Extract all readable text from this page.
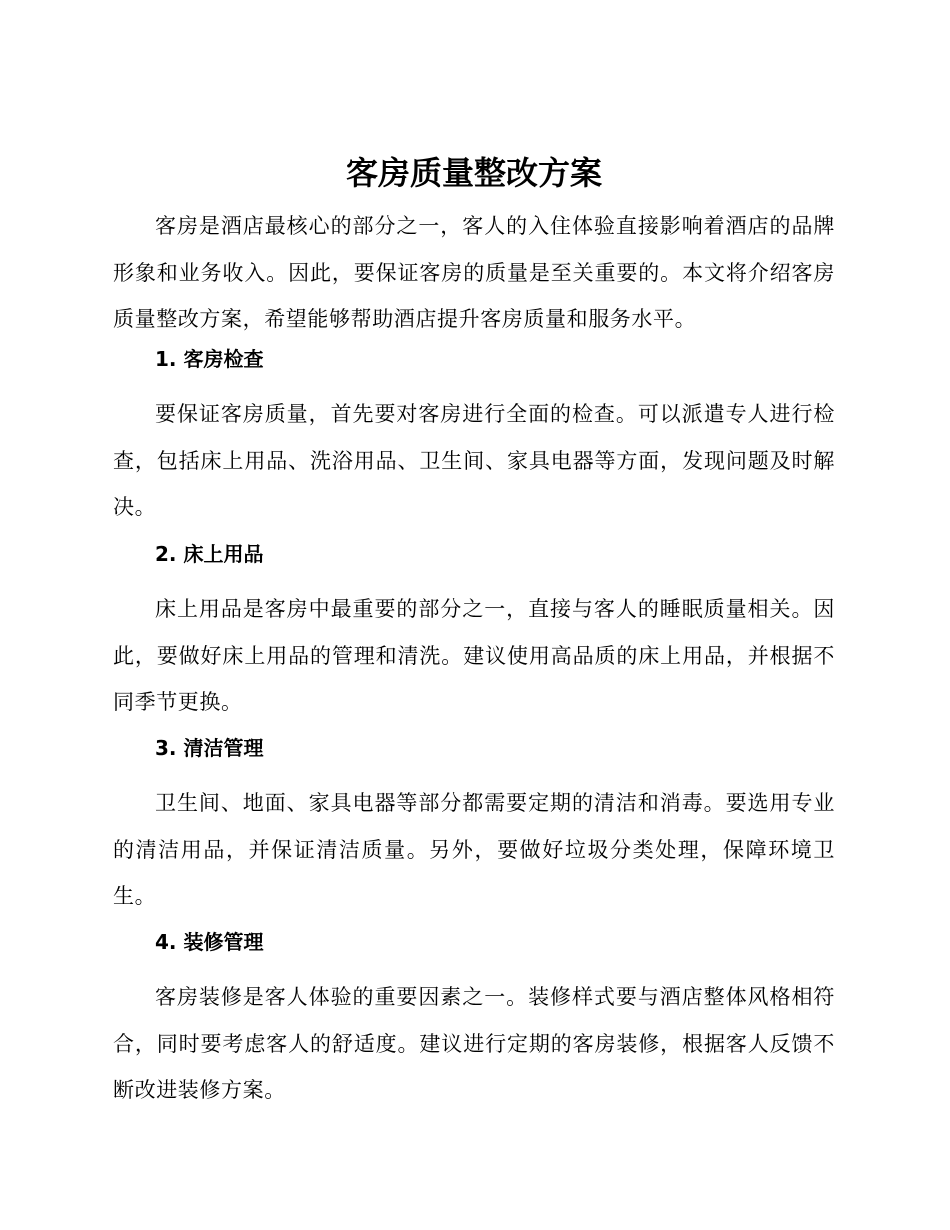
客房质量整改方案

客房是酒店最核心的部分之一，客人的入住体验直接影响着酒店的品牌形象和业务收入。因此，要保证客房的质量是至关重要的。本文将介绍客房质量整改方案，希望能够帮助酒店提升客房质量和服务水平。

1. 客房检查

要保证客房质量，首先要对客房进行全面的检查。可以派遣专人进行检查，包括床上用品、洗浴用品、卫生间、家具电器等方面，发现问题及时解决。

2. 床上用品

床上用品是客房中最重要的部分之一，直接与客人的睡眠质量相关。因此，要做好床上用品的管理和清洗。建议使用高品质的床上用品，并根据不同季节更换。

3. 清洁管理

卫生间、地面、家具电器等部分都需要定期的清洁和消毒。要选用专业的清洁用品，并保证清洁质量。另外，要做好垃圾分类处理，保障环境卫生。

4. 装修管理

客房装修是客人体验的重要因素之一。装修样式要与酒店整体风格相符合，同时要考虑客人的舒适度。建议进行定期的客房装修，根据客人反馈不断改进装修方案。
